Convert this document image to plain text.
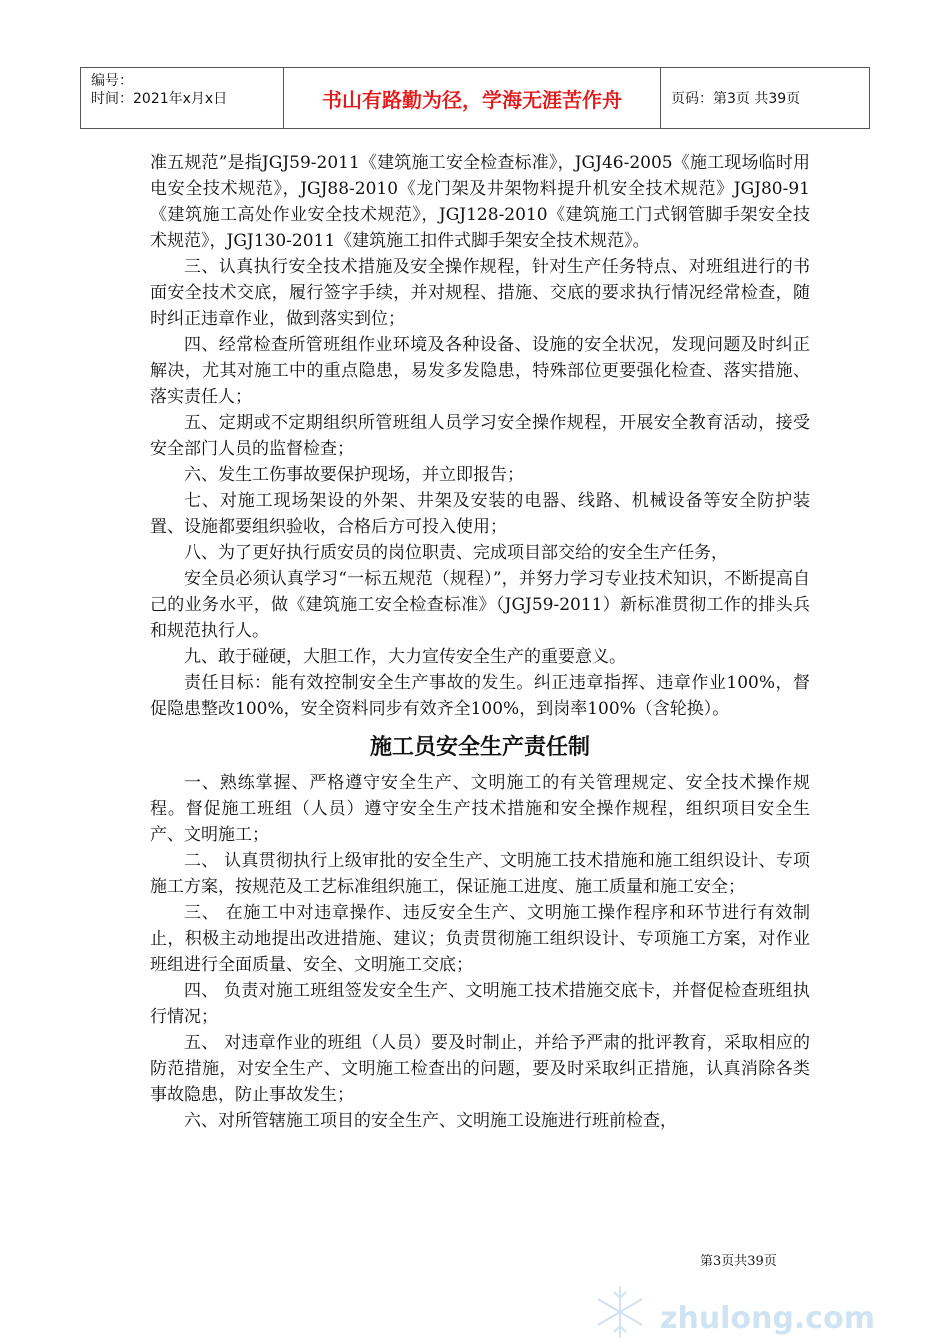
编号：
时间：2021年x月x日	书山有路勤为径，学海无涯苦作舟	页码：第3页 共39页

准五规范”是指JGJ59-2011《建筑施工安全检查标准》，JGJ46-2005《施工现场临时用电安全技术规范》，JGJ88-2010《龙门架及井架物料提升机安全技术规范》JGJ80-91《建筑施工高处作业安全技术规范》，JGJ128-2010《建筑施工门式钢管脚手架安全技术规范》，JGJ130-2011《建筑施工扣件式脚手架安全技术规范》。

三、认真执行安全技术措施及安全操作规程，针对生产任务特点、对班组进行的书面安全技术交底，履行签字手续，并对规程、措施、交底的要求执行情况经常检查，随时纠正违章作业，做到落实到位；

四、经常检查所管班组作业环境及各种设备、设施的安全状况，发现问题及时纠正解决，尤其对施工中的重点隐患，易发多发隐患，特殊部位更要强化检查、落实措施、落实责任人；

五、定期或不定期组织所管班组人员学习安全操作规程，开展安全教育活动，接受安全部门人员的监督检查；

六、发生工伤事故要保护现场，并立即报告；

七、对施工现场架设的外架、井架及安装的电器、线路、机械设备等安全防护装置、设施都要组织验收，合格后方可投入使用；

八、为了更好执行质安员的岗位职责、完成项目部交给的安全生产任务，

安全员必须认真学习“一标五规范（规程）”，并努力学习专业技术知识，不断提高自己的业务水平，做《建筑施工安全检查标准》（JGJ59-2011）新标准贯彻工作的排头兵和规范执行人。

九、敢于碰硬，大胆工作，大力宣传安全生产的重要意义。

责任目标：能有效控制安全生产事故的发生。纠正违章指挥、违章作业100%，督促隐患整改100%，安全资料同步有效齐全100%，到岗率100%（含轮换）。

施工员安全生产责任制

一、熟练掌握、严格遵守安全生产、文明施工的有关管理规定、安全技术操作规程。督促施工班组（人员）遵守安全生产技术措施和安全操作规程，组织项目安全生产、文明施工；

二、 认真贯彻执行上级审批的安全生产、文明施工技术措施和施工组织设计、专项施工方案，按规范及工艺标准组织施工，保证施工进度、施工质量和施工安全；

三、 在施工中对违章操作、违反安全生产、文明施工操作程序和环节进行有效制止，积极主动地提出改进措施、建议；负责贯彻施工组织设计、专项施工方案，对作业班组进行全面质量、安全、文明施工交底；

四、 负责对施工班组签发安全生产、文明施工技术措施交底卡，并督促检查班组执行情况；

五、 对违章作业的班组（人员）要及时制止，并给予严肃的批评教育，采取相应的防范措施，对安全生产、文明施工检查出的问题，要及时采取纠正措施，认真消除各类事故隐患，防止事故发生；

六、对所管辖施工项目的安全生产、文明施工设施进行班前检查，

第3页共39页
zhulong.com
